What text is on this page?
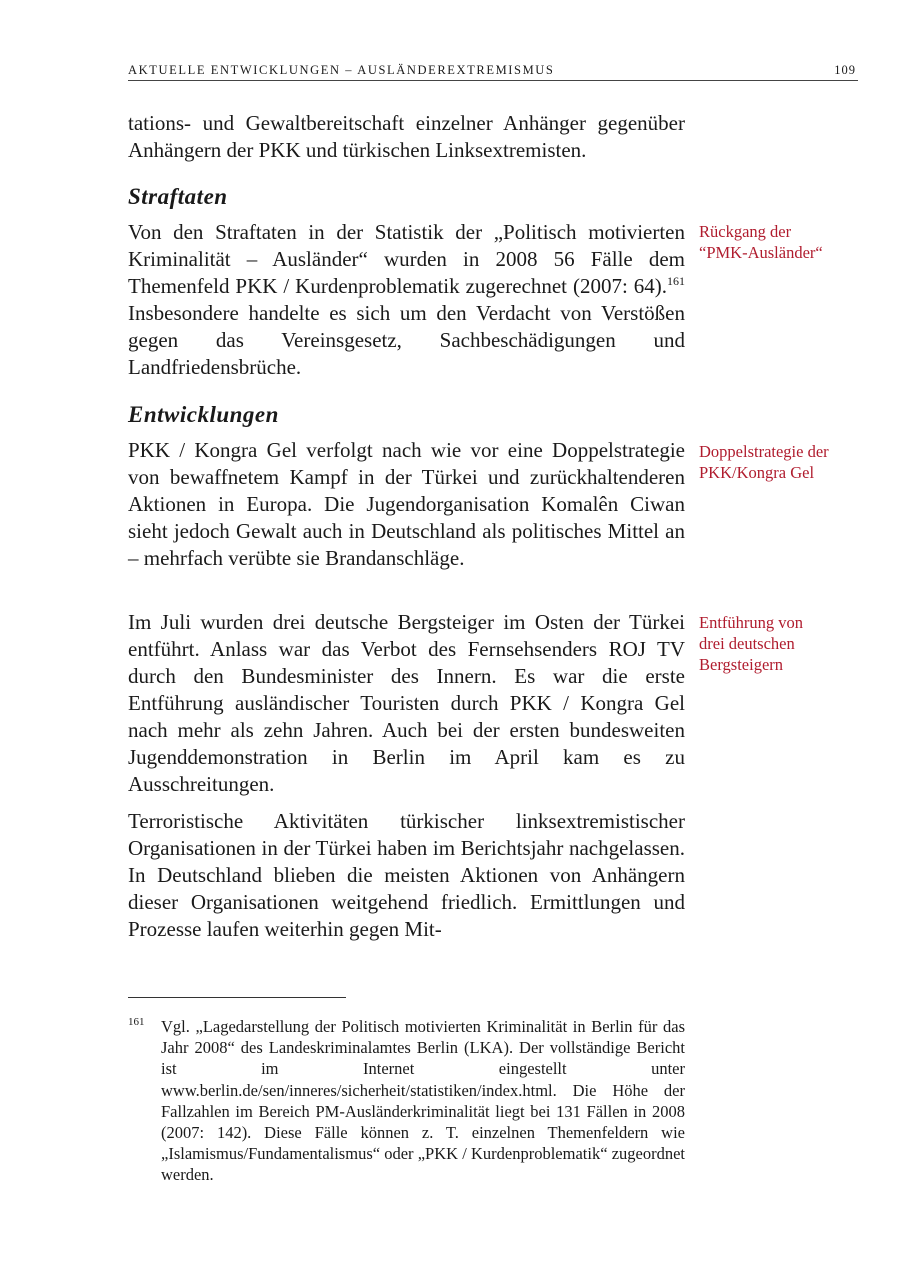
AKTUELLE ENTWICKLUNGEN – AUSLÄNDEREXTREMISMUS	109

tations- und Gewaltbereitschaft einzelner Anhänger gegenüber Anhängern der PKK und türkischen Linksextremisten.

Straftaten

Von den Straftaten in der Statistik der „Politisch motivierten Kriminalität – Ausländer“ wurden in 2008 56 Fälle dem Themenfeld PKK / Kurdenproblematik zugerechnet (2007: 64).$^{161}$ Insbesondere handelte es sich um den Verdacht von Verstößen gegen das Vereinsgesetz, Sachbeschädigungen und Landfriedensbrüche.

Rückgang der “PMK-Ausländer“
Entwicklungen

PKK / Kongra Gel verfolgt nach wie vor eine Doppelstrategie von bewaffnetem Kampf in der Türkei und zurückhaltenderen Aktionen in Europa. Die Jugendorganisation Komalên Ciwan sieht jedoch Gewalt auch in Deutschland als politisches Mittel an – mehrfach verübte sie Brandanschläge.

Doppelstrategie der PKK/Kongra Gel

Im Juli wurden drei deutsche Bergsteiger im Osten der Türkei entführt. Anlass war das Verbot des Fernsehsenders ROJ TV durch den Bundesminister des Innern. Es war die erste Entführung ausländischer Touristen durch PKK / Kongra Gel nach mehr als zehn Jahren. Auch bei der ersten bundesweiten Jugenddemonstration in Berlin im April kam es zu Ausschreitungen.

Entführung von drei deutschen Bergsteigern

Terroristische Aktivitäten türkischer linksextremistischer Organisationen in der Türkei haben im Berichtsjahr nachgelassen. In Deutschland blieben die meisten Aktionen von Anhängern dieser Organisationen weitgehend friedlich. Ermittlungen und Prozesse laufen weiterhin gegen Mit-

161 Vgl. „Lagedarstellung der Politisch motivierten Kriminalität in Berlin für das Jahr 2008“ des Landeskriminalamtes Berlin (LKA). Der vollständige Bericht ist im Internet eingestellt unter www.berlin.de/sen/inneres/sicherheit/statistiken/index.html. Die Höhe der Fallzahlen im Bereich PM-Ausländerkriminalität liegt bei 131 Fällen in 2008 (2007: 142). Diese Fälle können z. T. einzelnen Themenfeldern wie „Islamismus/Fundamentalismus“ oder „PKK / Kurdenproblematik“ zugeordnet werden.
